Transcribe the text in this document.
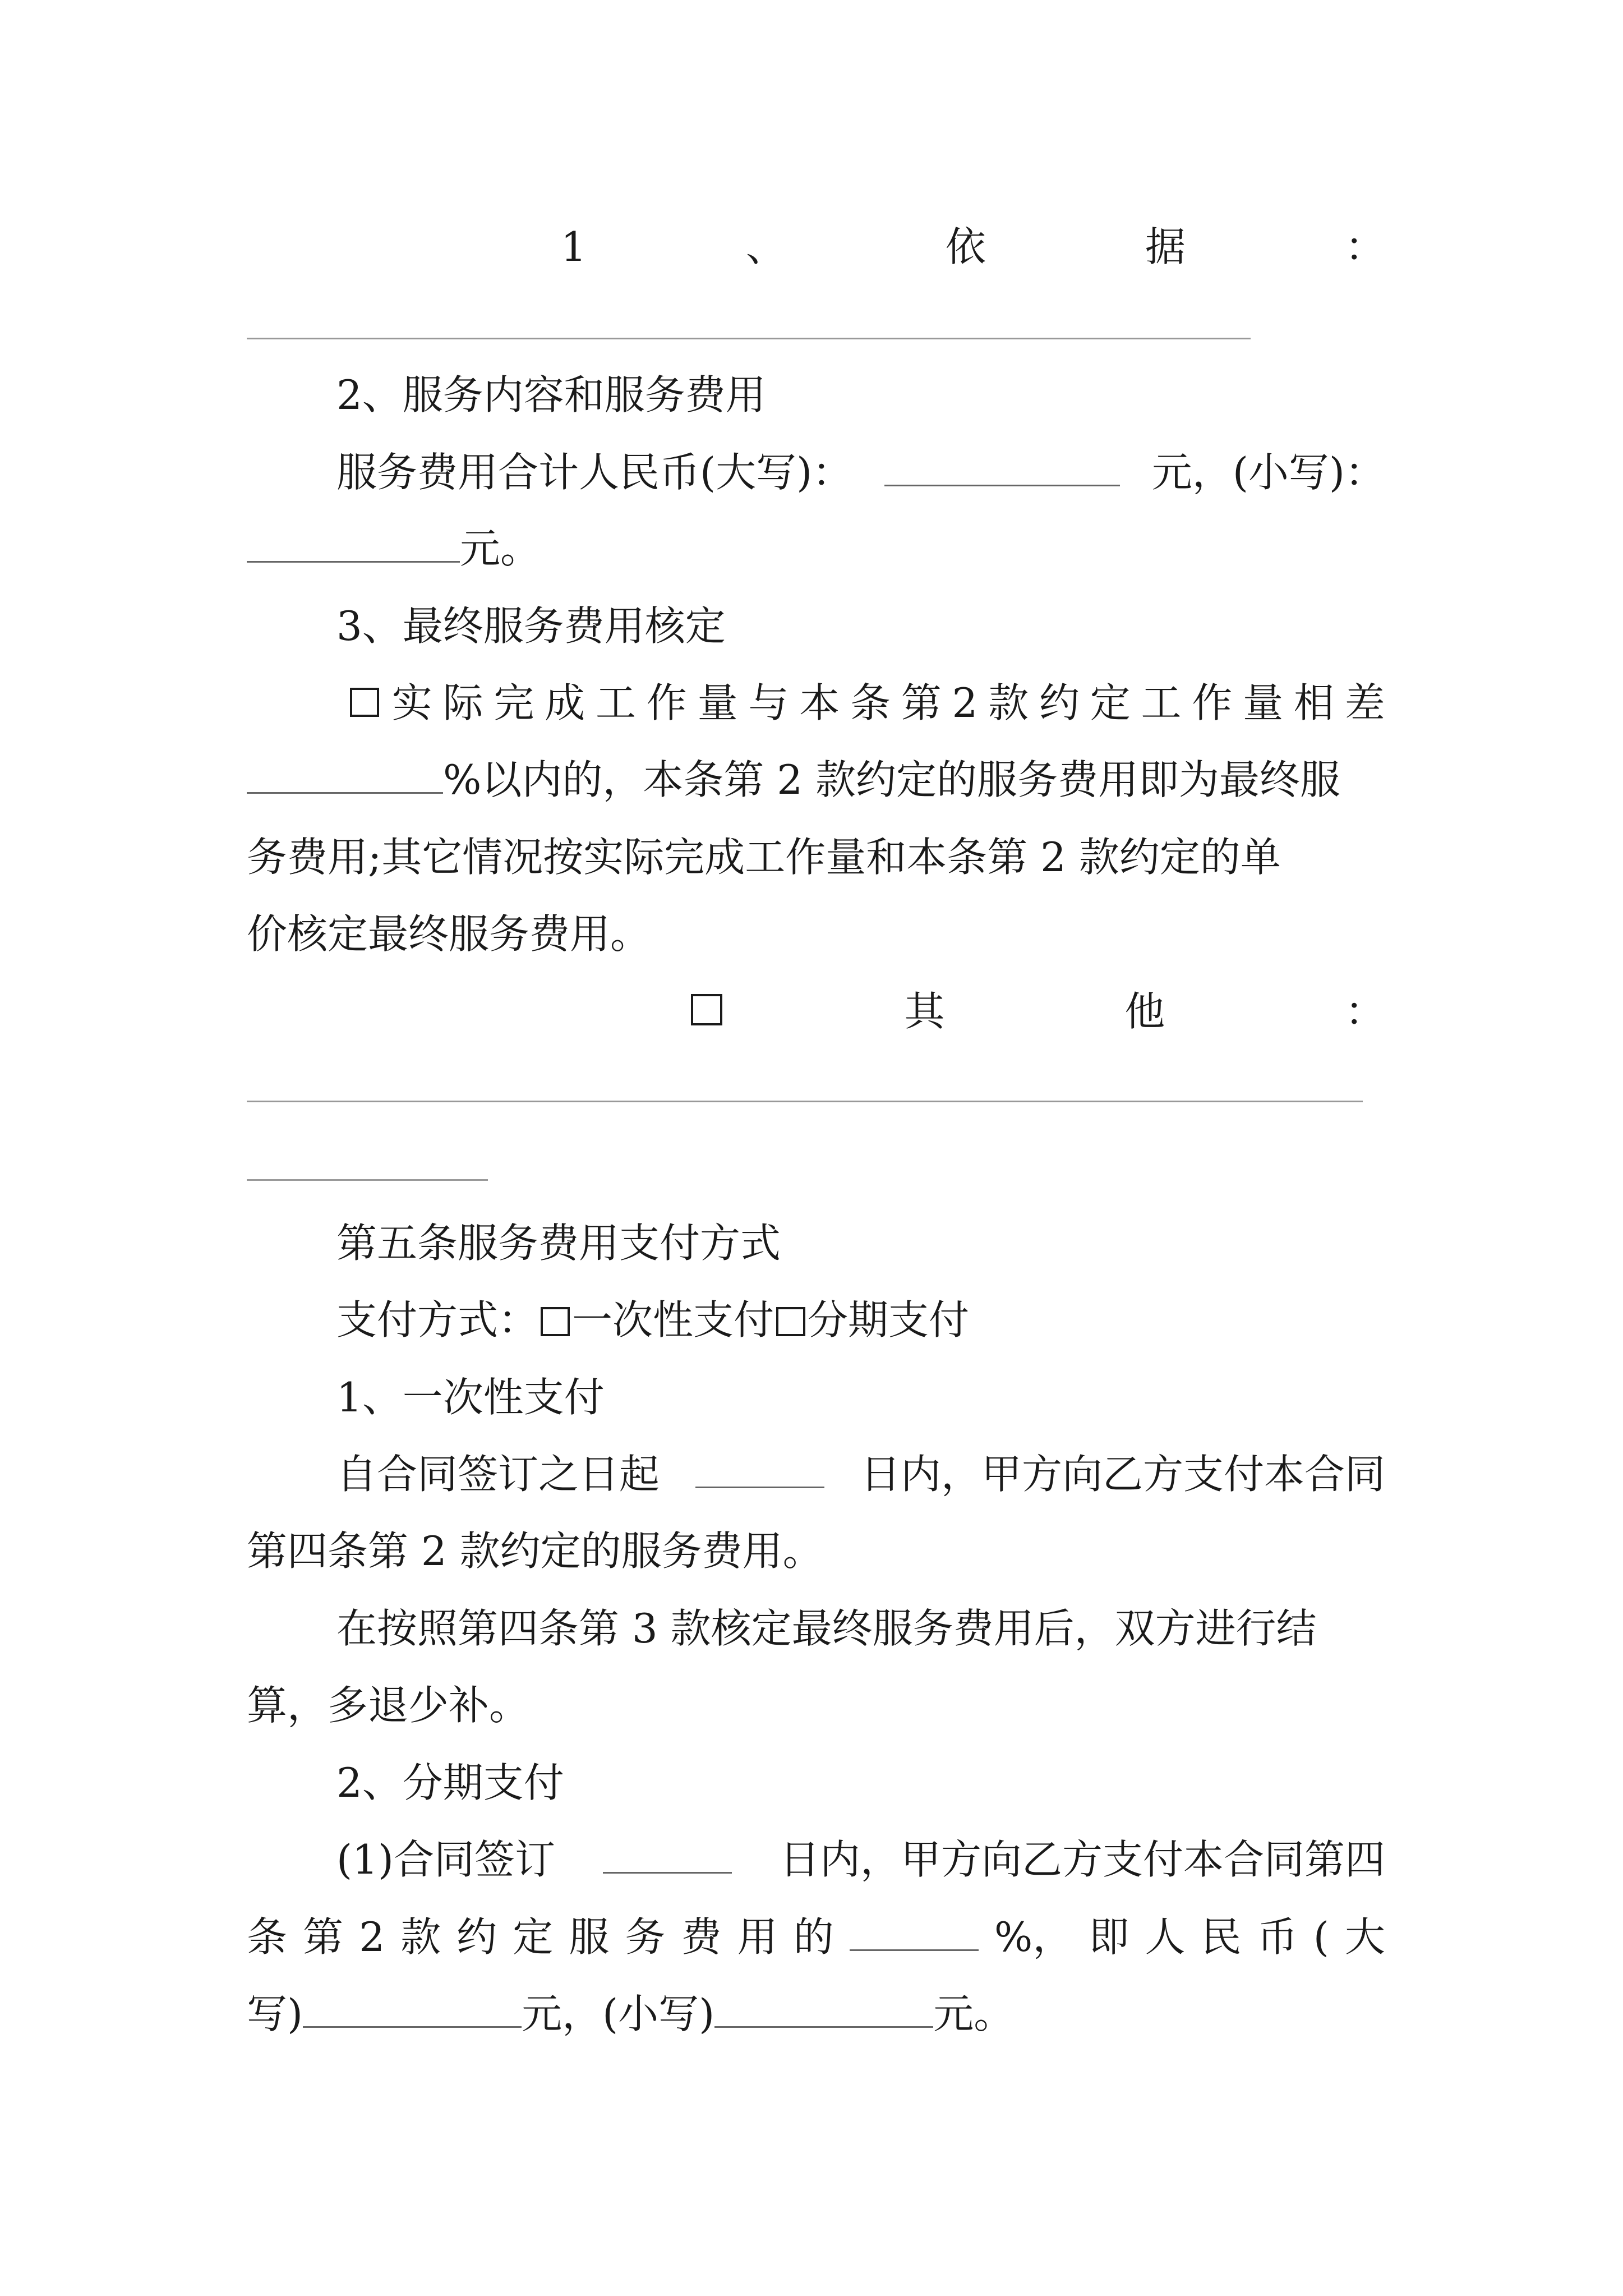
1	、	依	据	：
2、服务内容和服务费用
服务费用合计人民币(大写)：	元，(小写)：
元。
3、最终服务费用核定
实 际 完 成 工 作 量 与 本 条 第 2 款 约 定 工 作 量 相 差
%以内的，本条第 2 款约定的服务费用即为最终服
务费用;其它情况按实际完成工作量和本条第 2 款约定的单
价核定最终服务费用。
其	他	：
第五条服务费用支付方式
支付方式： 一次性支付 分期支付
1、一次性支付
自合同签订之日起	日内，甲方向乙方支付本合同
第四条第 2 款约定的服务费用。
在按照第四条第 3 款核定最终服务费用后，双方进行结
算，多退少补。
2、分期支付
(1)合同签订	日内，甲方向乙方支付本合同第四
条 第 2 款 约 定 服 务 费 用 的	%， 即 人 民 币 ( 大
写)	元，(小写)	元。
